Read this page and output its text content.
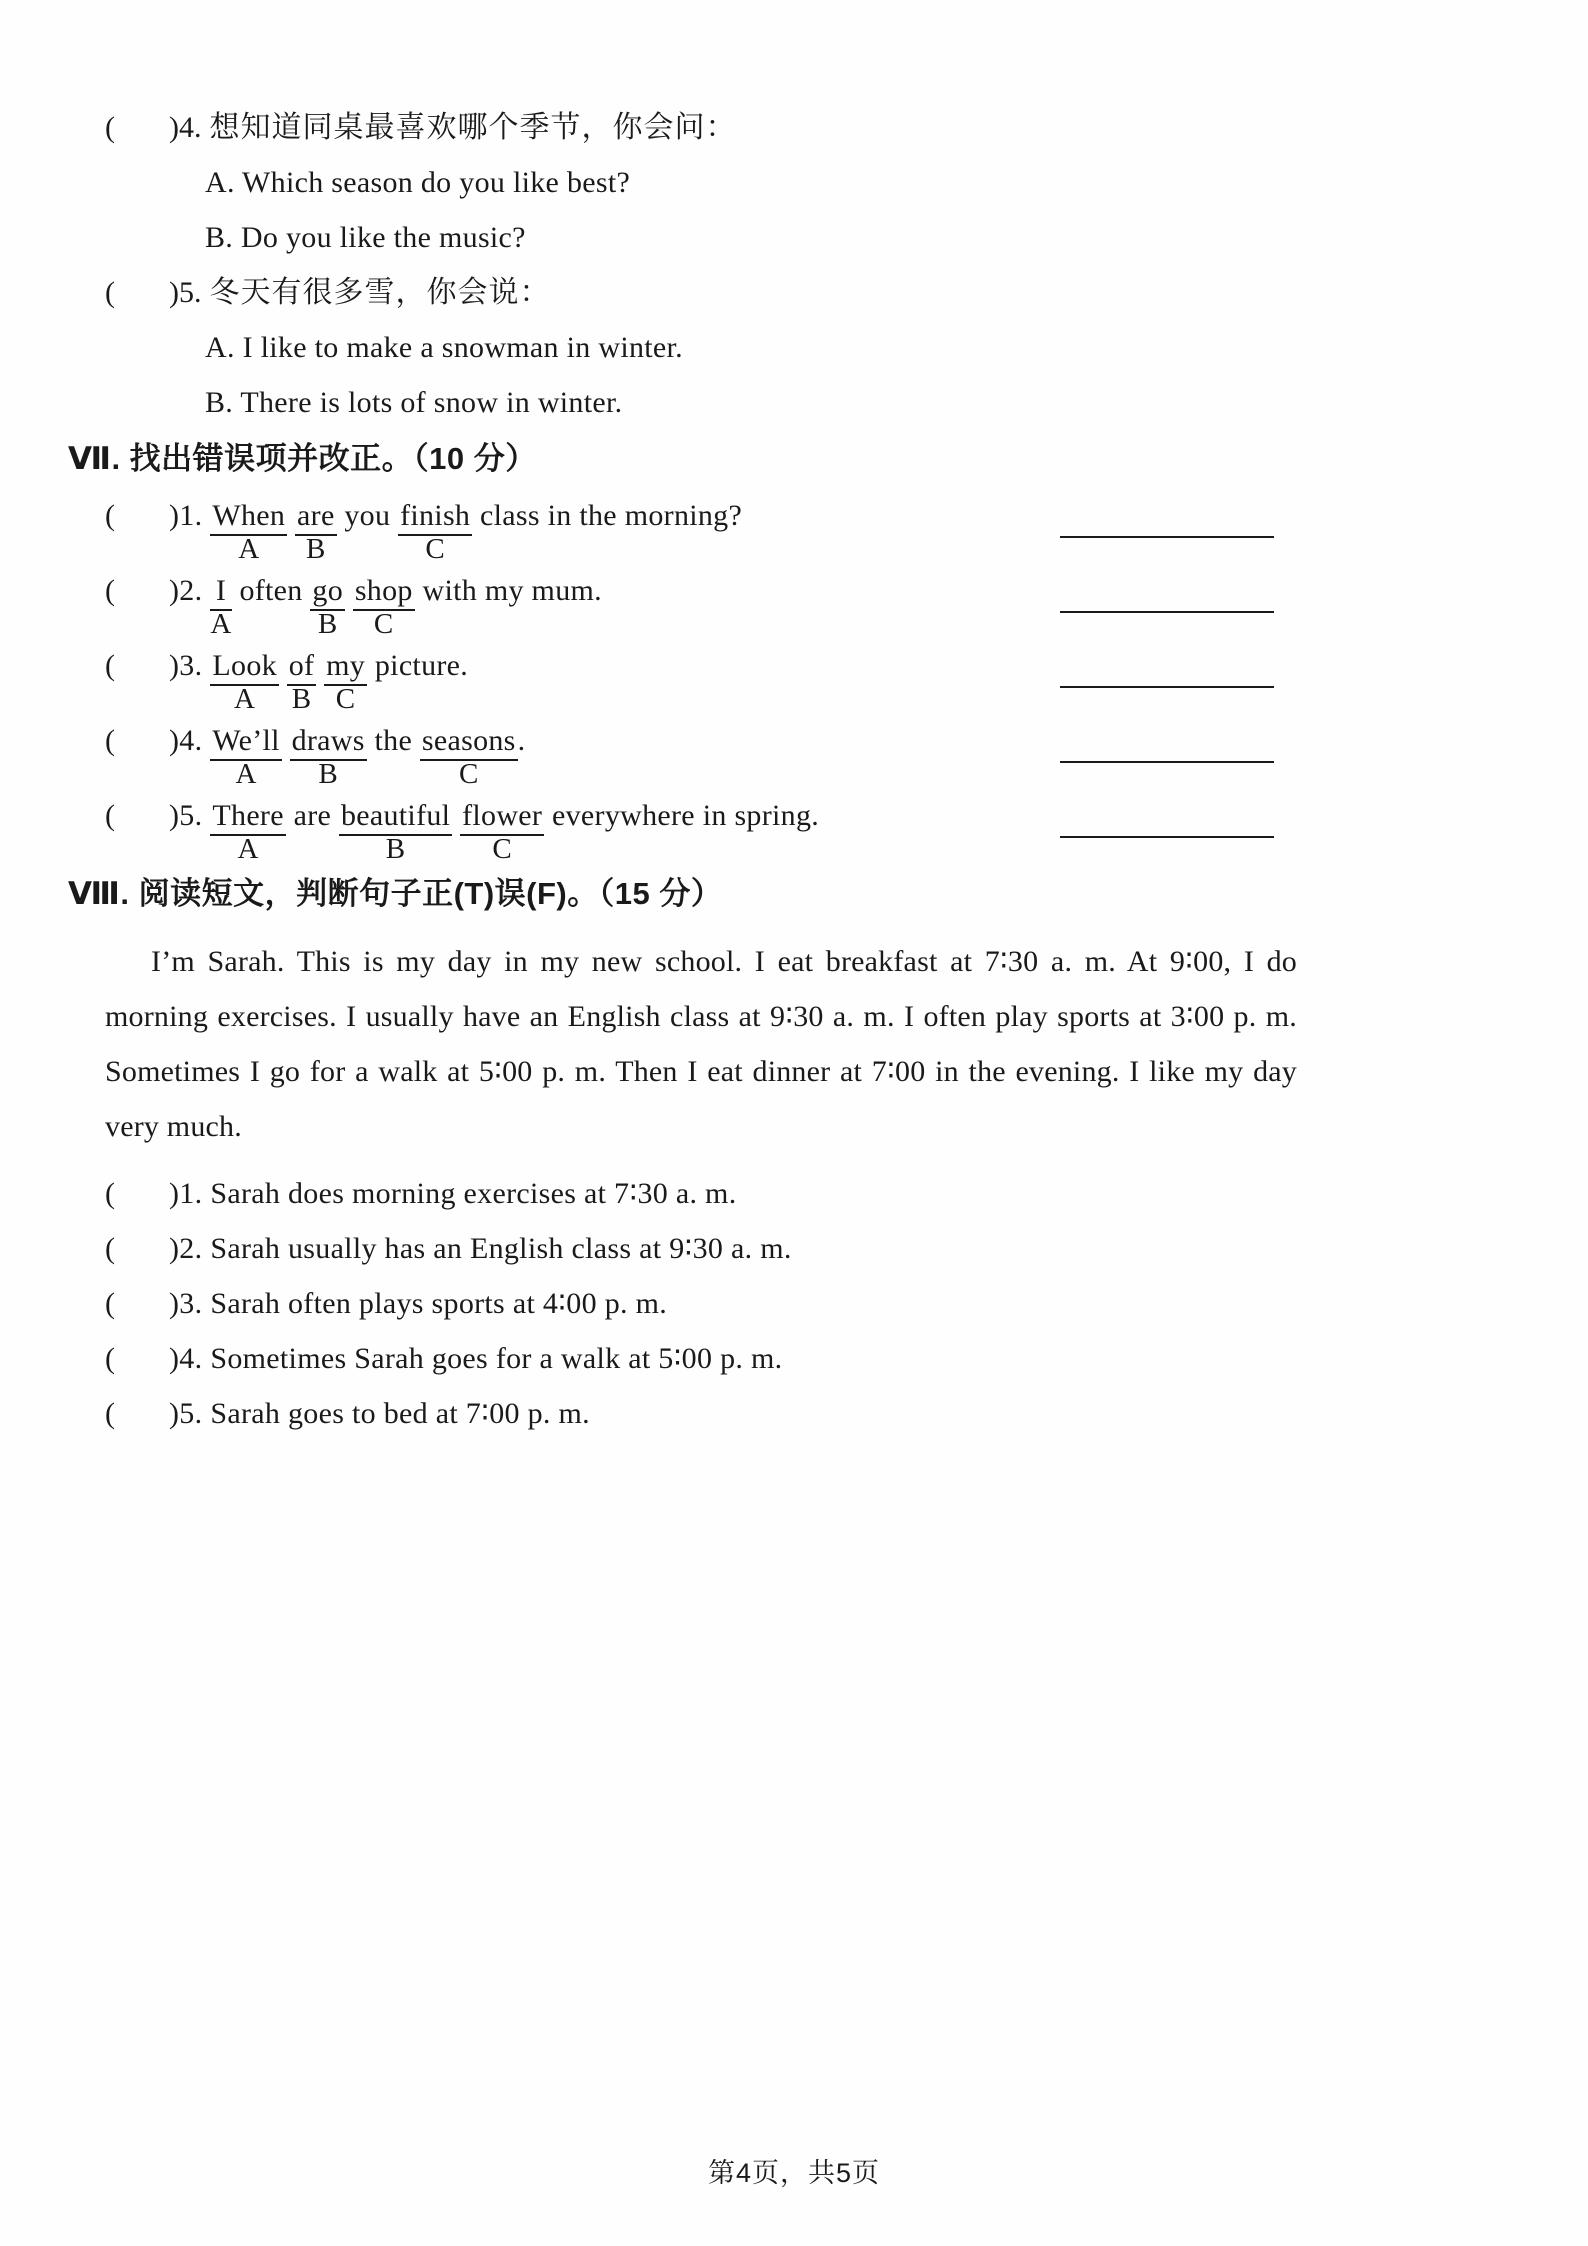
( )4. 想知道同桌最喜欢哪个季节，你会问：
A. Which season do you like best?
B. Do you like the music?
( )5. 冬天有很多雪，你会说：
A. I like to make a snowman in winter.
B. There is lots of snow in winter.
Ⅶ. 找出错误项并改正。（10 分）
( )1. When
A

are
B
you finish
C
class in the morning?
( )2. $\frac{I}{A}$ often $\frac{go}{B}$
shop
C
with my mum.
( )3. Look
A
	$\frac{of}{B}$
$\frac{my}{C}$ picture.
( )4. $\frac{We’ll}{A}$
draws
B
the seasons
C
.
( )5. There
A
are beautiful
B

flower
C
everywhere in spring.
Ⅷ. 阅读短文，判断句子正(T)误(F)。（15 分）
I’m Sarah. This is my day in my new school. I eat breakfast at 7∶30 a. m. At 9∶00, I do morning exercises. I usually have an English class at 9∶30 a. m. I often play sports at 3∶00 p. m. Sometimes I go for a walk at 5∶00 p. m. Then I eat dinner at 7∶00 in the evening. I like my day very much.
( )1. Sarah does morning exercises at 7∶30 a. m.
( )2. Sarah usually has an English class at 9∶30 a. m.
( )3. Sarah often plays sports at 4∶00 p. m.
( )4. Sometimes Sarah goes for a walk at 5∶00 p. m.
( )5. Sarah goes to bed at 7∶00 p. m.
第4页，共5页
